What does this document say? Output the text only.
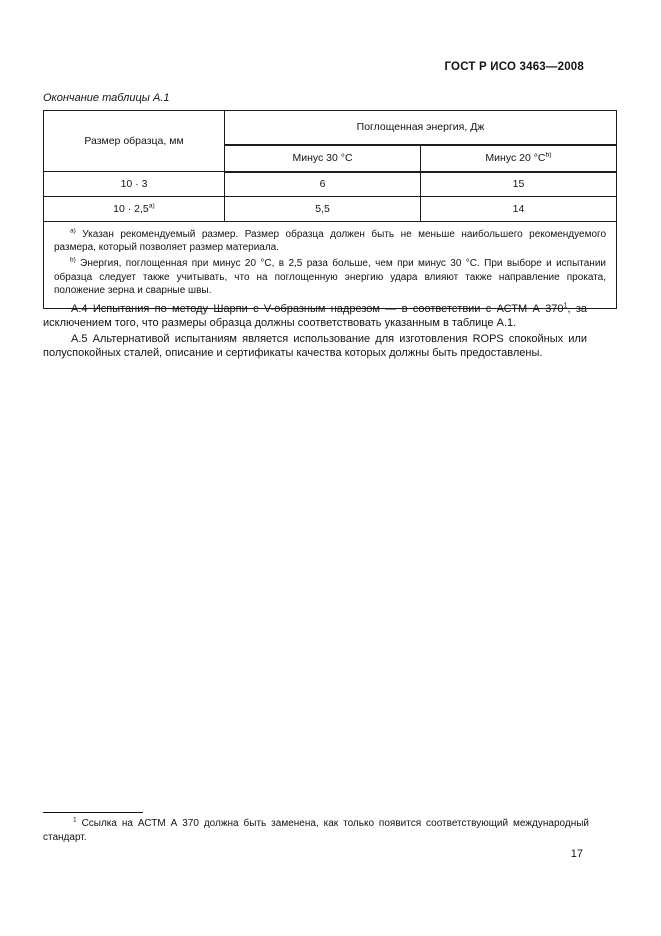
ГОСТ Р ИСО 3463—2008
Окончание таблицы А.1
Размер образца, мм	Поглощенная энергия, Дж	
	Минус 30 °С	Минус 20 $^\circ С^{b)}$
10 · 3	6	15
$10 \cdot 2,5^{а)}$	5,5	14

$^{а)}$ Указан рекомендуемый размер. Размер образца должен быть не меньше наибольшего рекомендуемого размера, который позволяет размер материала.

$^{b)}$ Энергия, поглощенная при минус 20 °С, в 2,5 раза больше, чем при минус 30 °С. При выборе и испытании образца следует также учитывать, что на поглощенную энергию удара влияют также направление проката, положение зерна и сварные швы.		

А.4 Испытания по методу Шарпи с V-образным надрезом — в соответствии с АСТМ А $370^1$, за исключением того, что размеры образца должны соответствовать указанным в таблице А.1.

А.5 Альтернативой испытаниям является использование для изготовления ROPS спокойных или полуспокойных сталей, описание и сертификаты качества которых должны быть предоставлены.

$^1$ Ссылка на АСТМ А 370 должна быть заменена, как только появится соответствующий международный стандарт.

17
